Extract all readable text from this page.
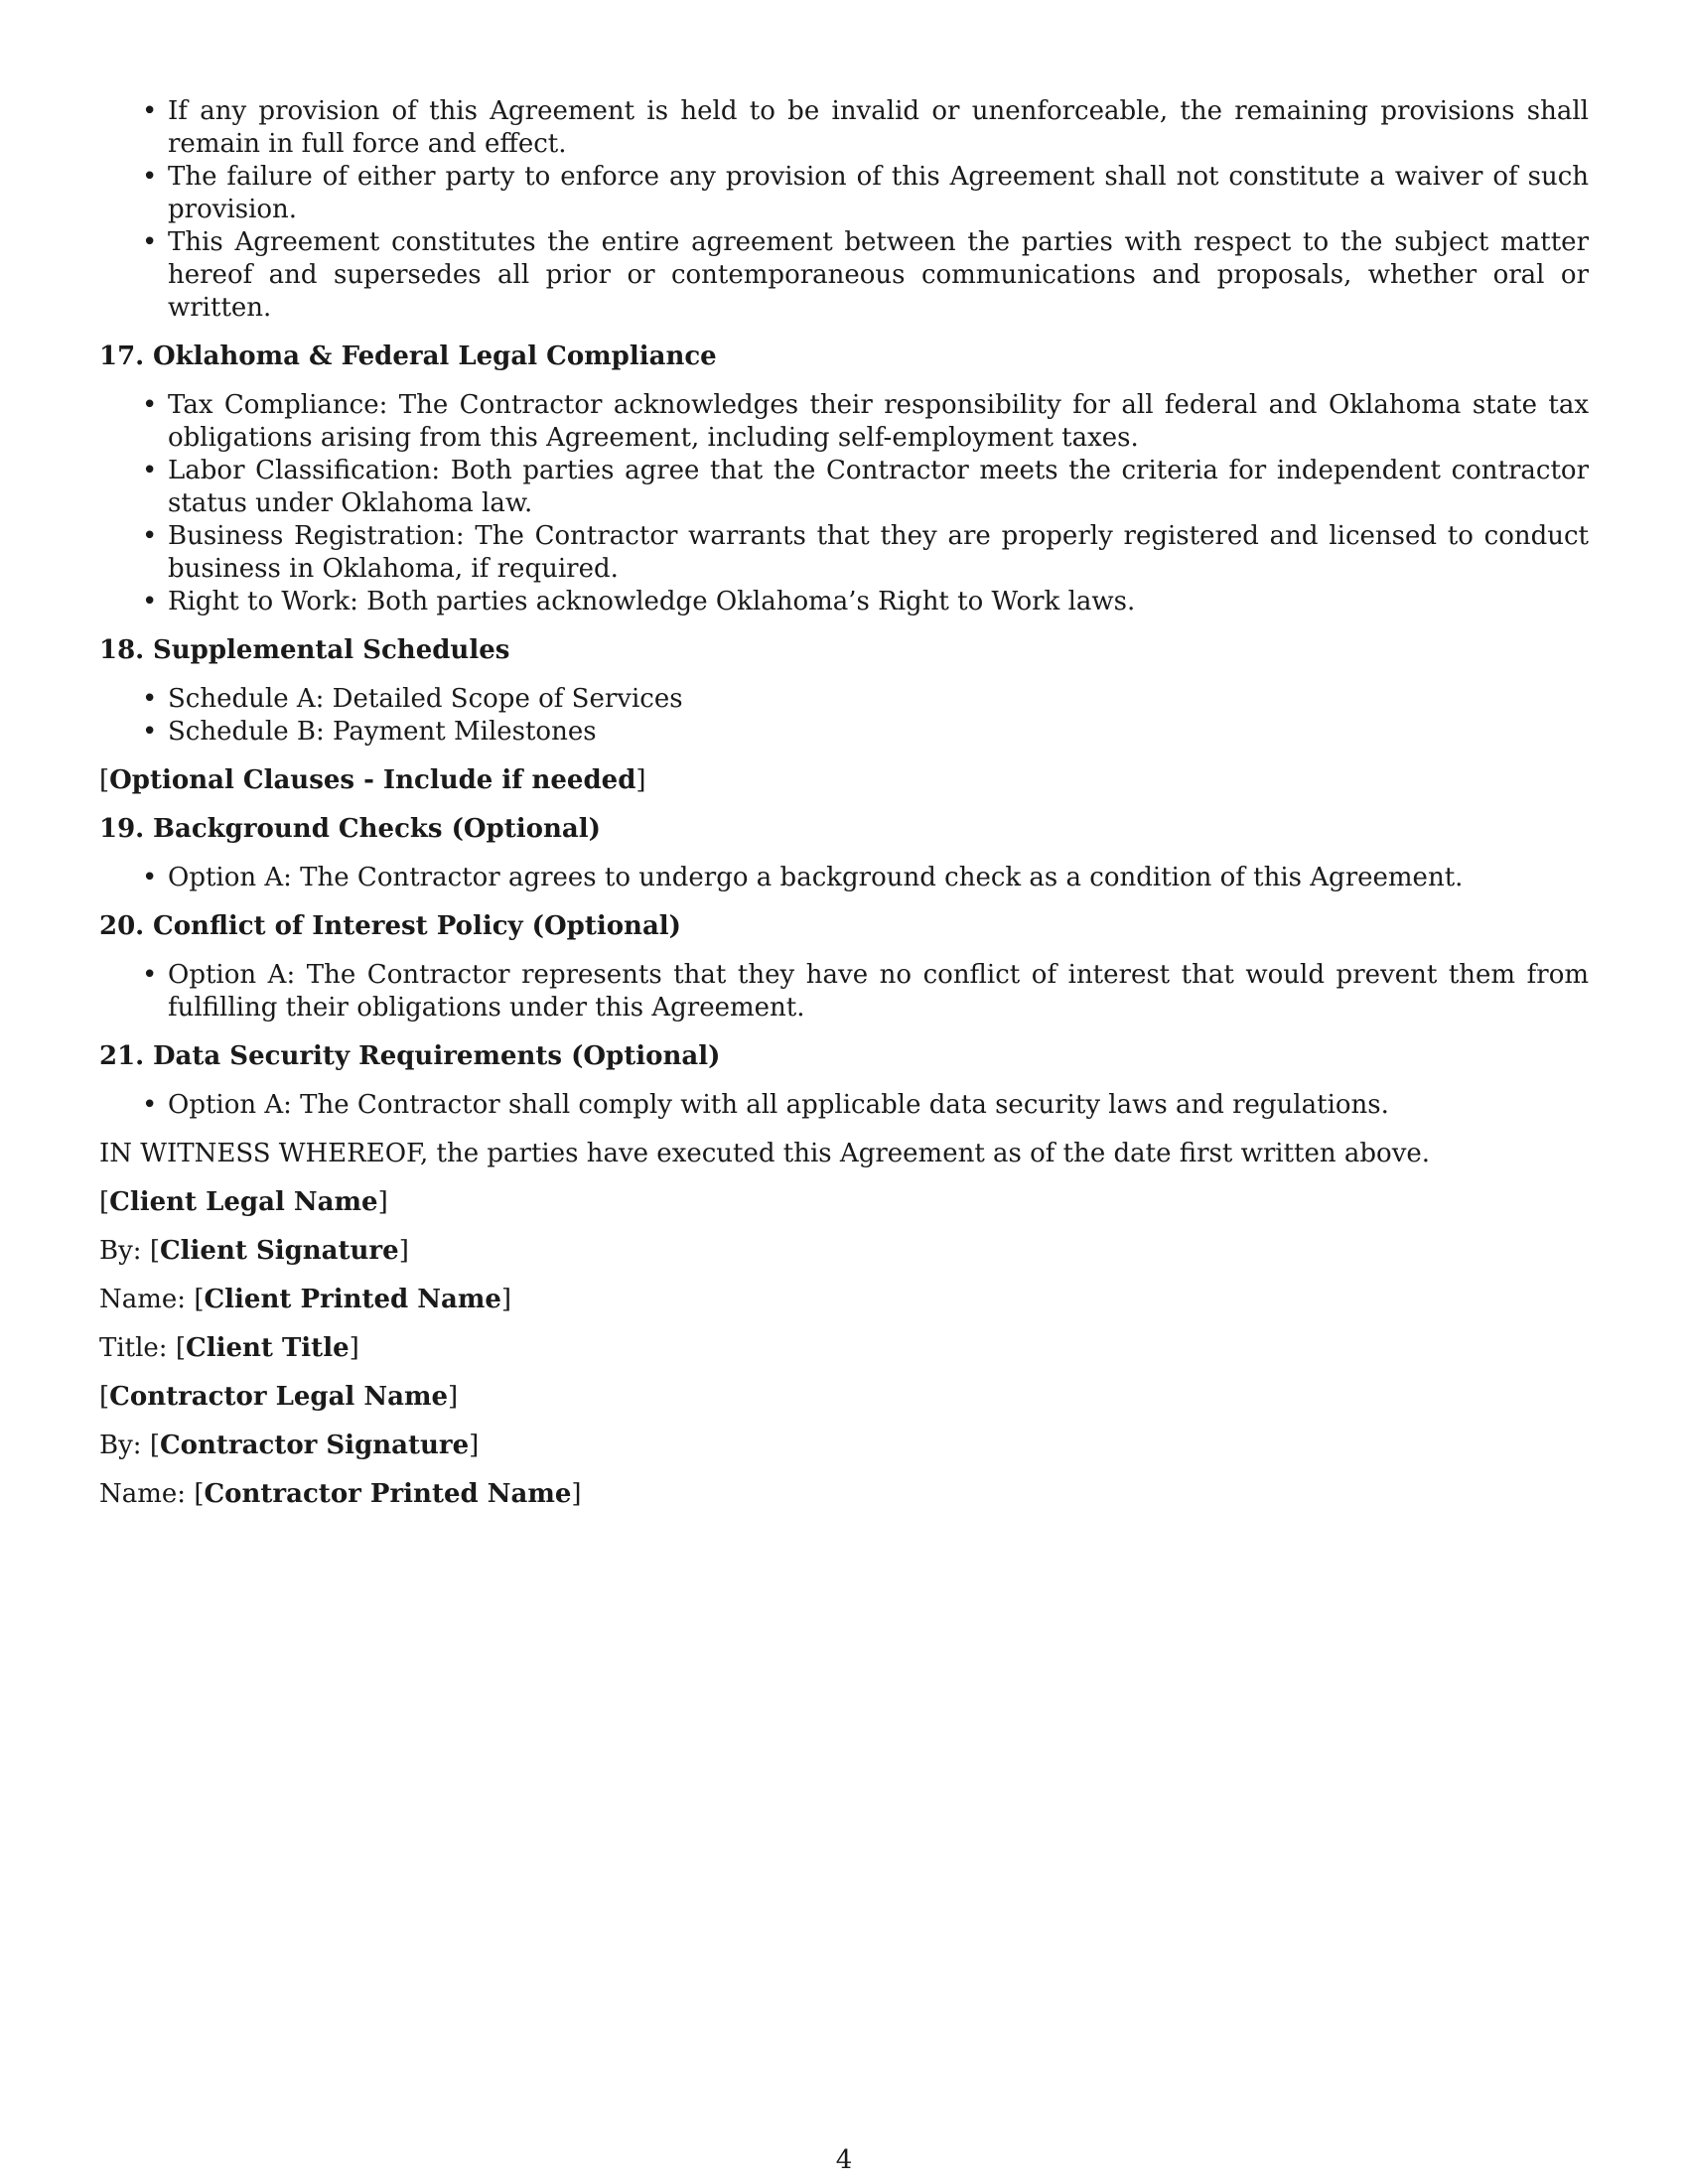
• If any provision of this Agreement is held to be invalid or unenforceable, the remaining provisions shall remain in full force and effect.
• The failure of either party to enforce any provision of this Agreement shall not constitute a waiver of such provision.
• This Agreement constitutes the entire agreement between the parties with respect to the subject matter hereof and supersedes all prior or contemporaneous communications and proposals, whether oral or written.
17. Oklahoma & Federal Legal Compliance
• Tax Compliance: The Contractor acknowledges their responsibility for all federal and Oklahoma state tax obligations arising from this Agreement, including self-employment taxes.
• Labor Classification: Both parties agree that the Contractor meets the criteria for independent contractor status under Oklahoma law.
• Business Registration: The Contractor warrants that they are properly registered and licensed to conduct business in Oklahoma, if required.
• Right to Work: Both parties acknowledge Oklahoma’s Right to Work laws.
18. Supplemental Schedules
• Schedule A: Detailed Scope of Services
• Schedule B: Payment Milestones

[Optional Clauses - Include if needed]

19. Background Checks (Optional)
• Option A: The Contractor agrees to undergo a background check as a condition of this Agreement.
20. Conflict of Interest Policy (Optional)
• Option A: The Contractor represents that they have no conflict of interest that would prevent them from fulfilling their obligations under this Agreement.
21. Data Security Requirements (Optional)
• Option A: The Contractor shall comply with all applicable data security laws and regulations.

IN WITNESS WHEREOF, the parties have executed this Agreement as of the date first written above.

[Client Legal Name]

By: [Client Signature]

Name: [Client Printed Name]

Title: [Client Title]

[Contractor Legal Name]

By: [Contractor Signature]

Name: [Contractor Printed Name]

4
